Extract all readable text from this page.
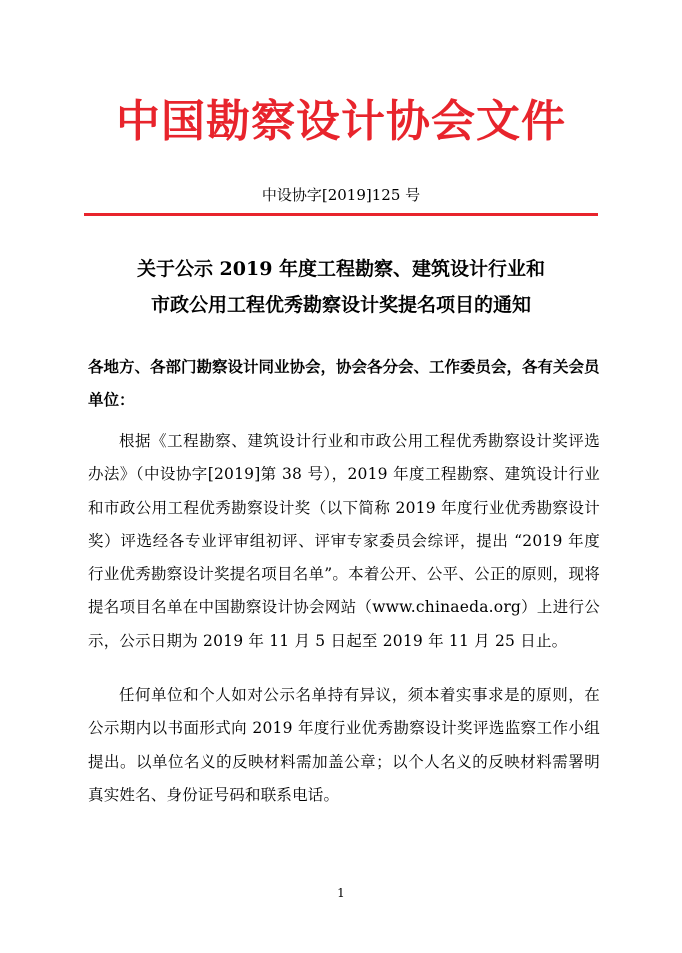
中国勘察设计协会文件
中设协字[2019]125 号
关于公示 2019 年度工程勘察、建筑设计行业和
市政公用工程优秀勘察设计奖提名项目的通知
各地方、各部门勘察设计同业协会，协会各分会、工作委员会，各有关会员单位：
根据《工程勘察、建筑设计行业和市政公用工程优秀勘察设计奖评选办法》（中设协字[2019]第 38 号），2019 年度工程勘察、建筑设计行业和市政公用工程优秀勘察设计奖（以下简称 2019 年度行业优秀勘察设计奖）评选经各专业评审组初评、评审专家委员会综评，提出 “2019 年度行业优秀勘察设计奖提名项目名单”。本着公开、公平、公正的原则，现将提名项目名单在中国勘察设计协会网站（www.chinaeda.org）上进行公示，公示日期为 2019 年 11 月 5 日起至 2019 年 11 月 25 日止。
任何单位和个人如对公示名单持有异议，须本着实事求是的原则，在公示期内以书面形式向 2019 年度行业优秀勘察设计奖评选监察工作小组提出。以单位名义的反映材料需加盖公章；以个人名义的反映材料需署明真实姓名、身份证号码和联系电话。
1
